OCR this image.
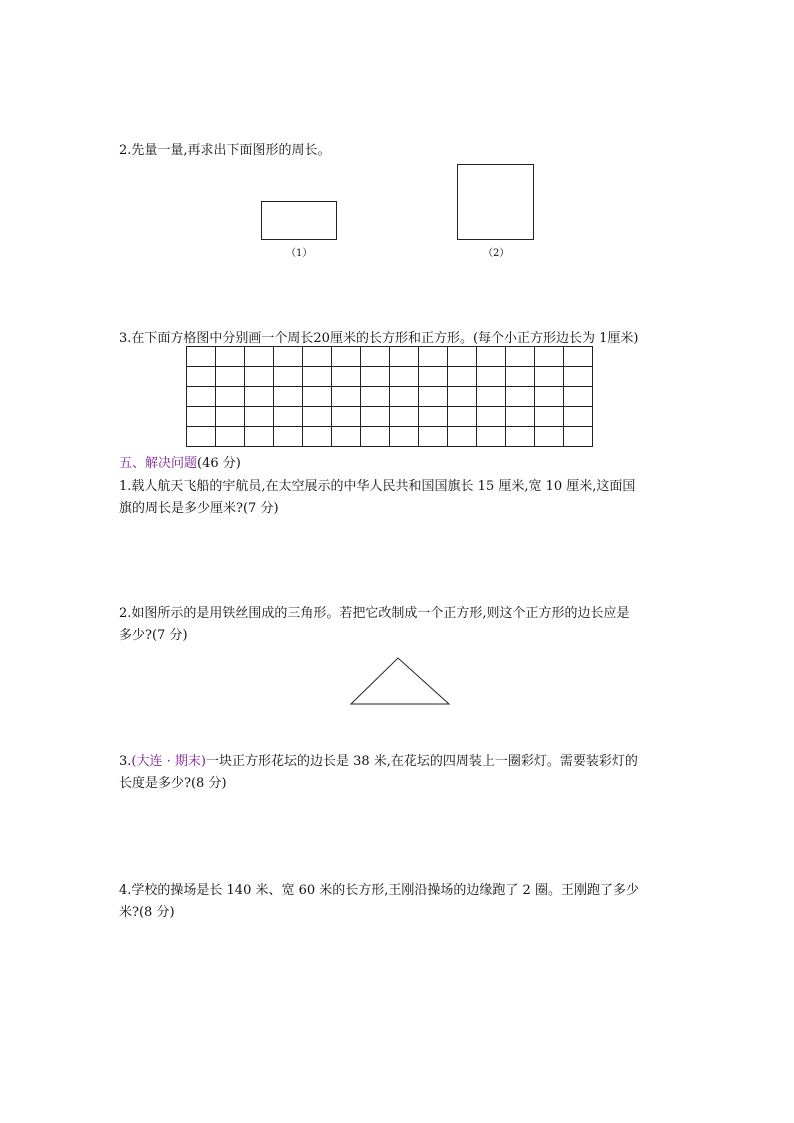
2.先量一量,再求出下面图形的周长。
（1）	（2）
3.在下面方格图中分别画一个周长20厘米的长方形和正方形。(每个小正方形边长为 1厘米)

五、解决问题(46 分)
1.载人航天飞船的宇航员,在太空展示的中华人民共和国国旗长 15 厘米,宽 10 厘米,这面国
旗的周长是多少厘米?(7 分)
2.如图所示的是用铁丝围成的三角形。若把它改制成一个正方形,则这个正方形的边长应是
多少?(7 分)
3.(大连 · 期末)一块正方形花坛的边长是 38 米,在花坛的四周装上一圈彩灯。需要装彩灯的
长度是多少?(8 分)
4.学校的操场是长 140 米、宽 60 米的长方形,王刚沿操场的边缘跑了 2 圈。王刚跑了多少
米?(8 分)
